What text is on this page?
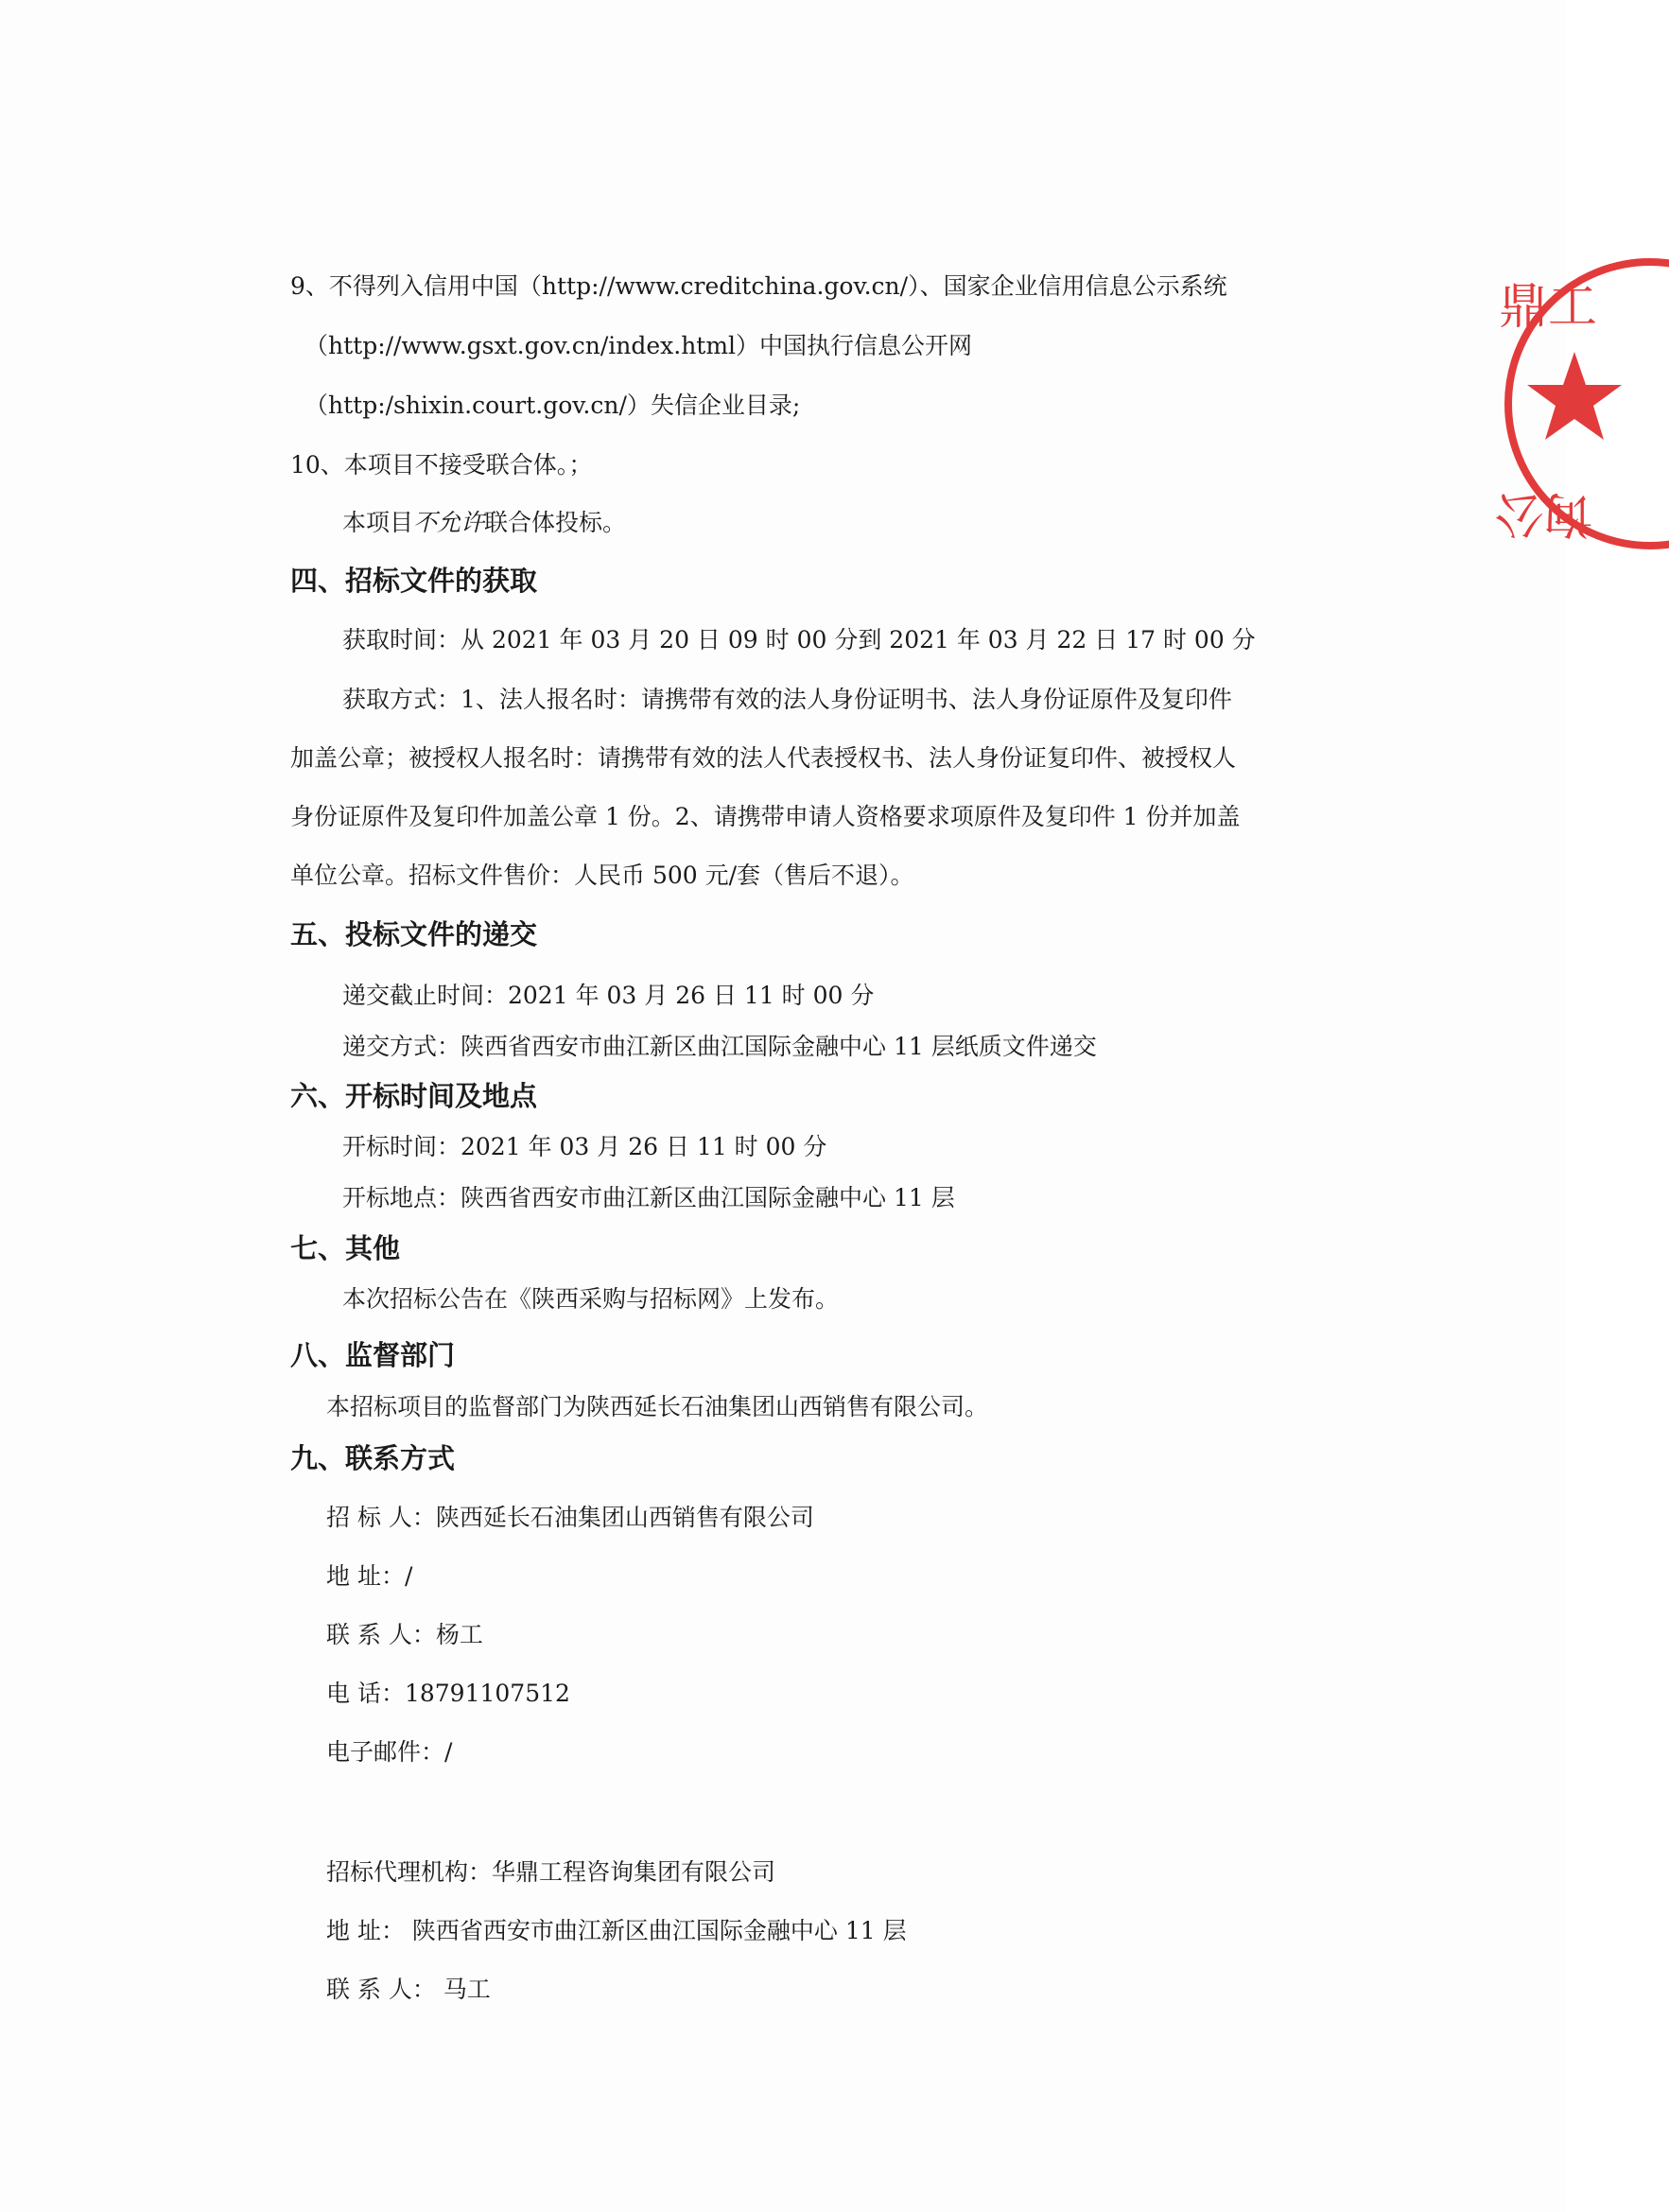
9、不得列入信用中国（http://www.creditchina.gov.cn/）、国家企业信用信息公示系统
（http://www.gsxt.gov.cn/index.html）中国执行信息公开网
（http:/shixin.court.gov.cn/）失信企业目录;
10、本项目不接受联合体。；
本项目不允许联合体投标。
四、招标文件的获取
获取时间：从 2021 年 03 月 20 日 09 时 00 分到 2021 年 03 月 22 日 17 时 00 分
获取方式：1、法人报名时：请携带有效的法人身份证明书、法人身份证原件及复印件
加盖公章；被授权人报名时：请携带有效的法人代表授权书、法人身份证复印件、被授权人
身份证原件及复印件加盖公章 1 份。2、请携带申请人资格要求项原件及复印件 1 份并加盖
单位公章。招标文件售价：人民币 500 元/套（售后不退）。
五、投标文件的递交
递交截止时间：2021 年 03 月 26 日 11 时 00 分
递交方式：陕西省西安市曲江新区曲江国际金融中心 11 层纸质文件递交
六、开标时间及地点
开标时间：2021 年 03 月 26 日 11 时 00 分
开标地点：陕西省西安市曲江新区曲江国际金融中心 11 层
七、其他
本次招标公告在《陕西采购与招标网》上发布。
八、监督部门
本招标项目的监督部门为陕西延长石油集团山西销售有限公司。
九、联系方式
招 标 人：陕西延长石油集团山西销售有限公司
地 址：/
联 系 人：杨工
电 话：18791107512
电子邮件：/
招标代理机构：华鼎工程咨询集团有限公司
地 址： 陕西省西安市曲江新区曲江国际金融中心 11 层
联 系 人： 马工
鼎工
询公
